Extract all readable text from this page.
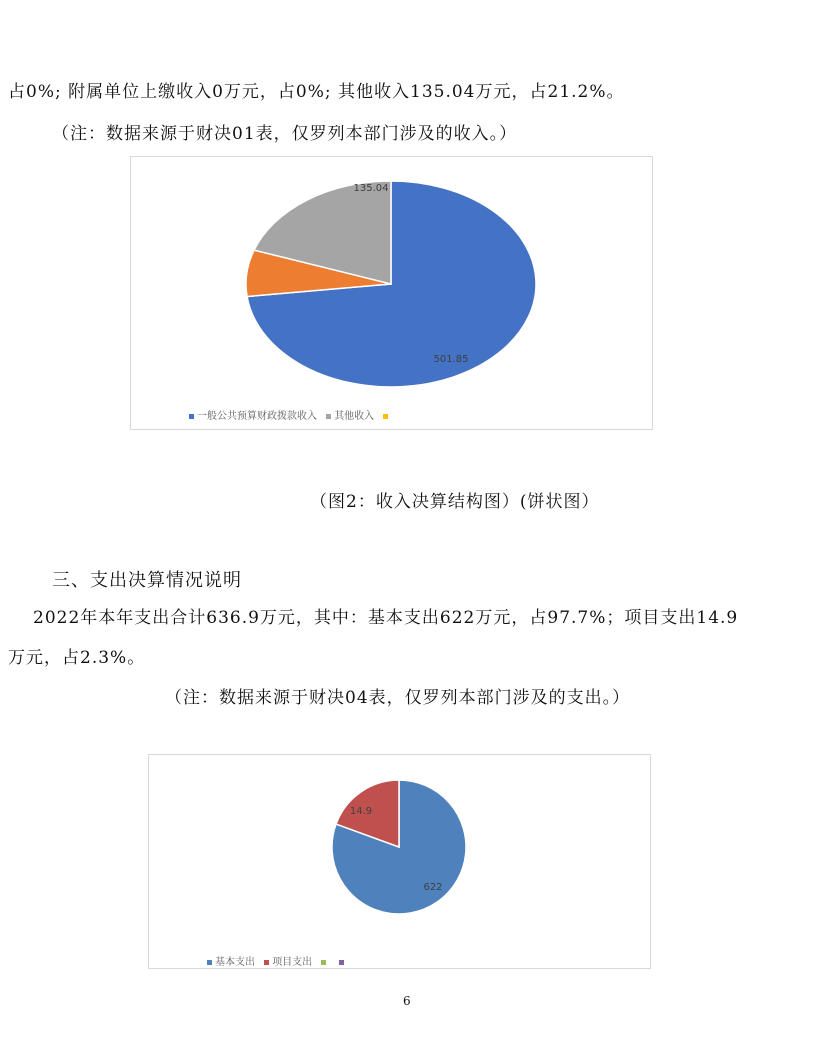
占0%; 附属单位上缴收入0万元，占0%; 其他收入135.04万元，占21.2%。
（注：数据来源于财决01表，仅罗列本部门涉及的收入。）
501.85
135.04
一般公共预算财政拨款收入 其他收入
（图2：收入决算结构图）(饼状图）
三、支出决算情况说明
2022年本年支出合计636.9万元，其中：基本支出622万元，占97.7%；项目支出14.9
万元，占2.3%。
（注：数据来源于财决04表，仅罗列本部门涉及的支出。）
622
14.9
基本支出 项目支出
6
